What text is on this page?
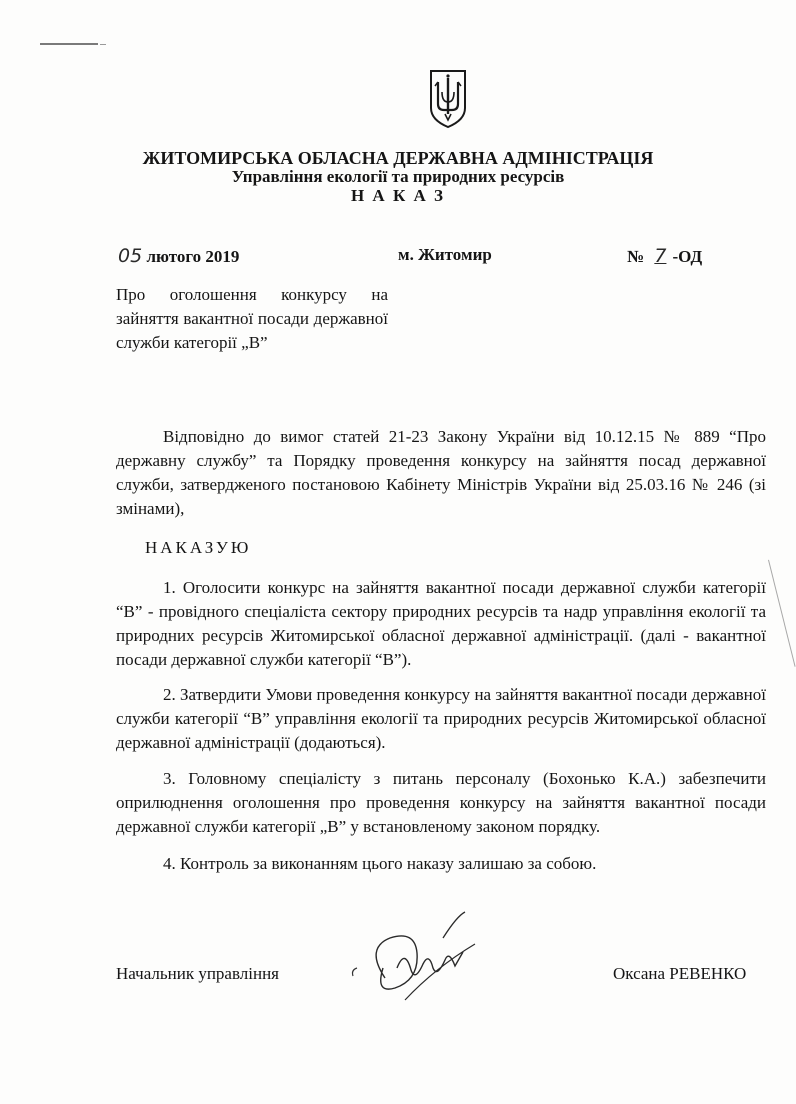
ЖИТОМИРСЬКА ОБЛАСНА ДЕРЖАВНА АДМІНІСТРАЦІЯ
Управління екології та природних ресурсів
Н А К А З
05 лютого 2019	м. Житомир	№ 7 -ОД
Про оголошення конкурсу на зайняття вакантної посади державної служби категорії „В”
Відповідно до вимог статей 21-23 Закону України від 10.12.15 № 889 “Про державну службу” та Порядку проведення конкурсу на зайняття посад державної служби, затвердженого постановою Кабінету Міністрів України від 25.03.16 № 246 (зі змінами),
НАКАЗУЮ
1. Оголосити конкурс на зайняття вакантної посади державної служби категорії “В” - провідного спеціаліста сектору природних ресурсів та надр управління екології та природних ресурсів Житомирської обласної державної адміністрації. (далі - вакантної посади державної служби категорії “В”).
2. Затвердити Умови проведення конкурсу на зайняття вакантної посади державної служби категорії “В” управління екології та природних ресурсів Житомирської обласної державної адміністрації (додаються).
3. Головному спеціалісту з питань персоналу (Бохонько К.А.) забезпечити оприлюднення оголошення про проведення конкурсу на зайняття вакантної посади державної служби категорії „В” у встановленому законом порядку.
4. Контроль за виконанням цього наказу залишаю за собою.
Начальник управління	Оксана РЕВЕНКО
